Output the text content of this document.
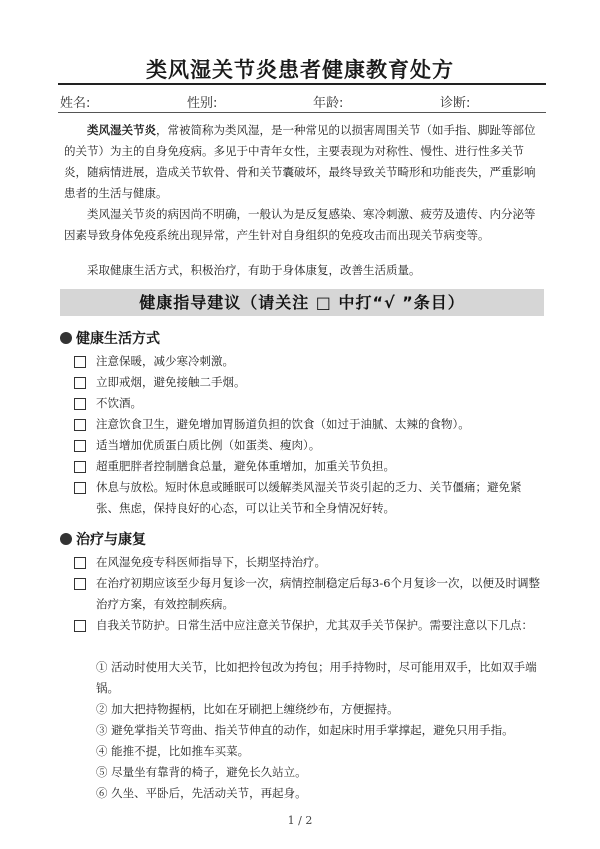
类风湿关节炎患者健康教育处方
姓名:	性别:	年龄:	诊断:

类风湿关节炎，常被简称为类风湿，是一种常见的以损害周围关节（如手指、脚趾等部位的关节）为主的自身免疫病。多见于中青年女性，主要表现为对称性、慢性、进行性多关节炎，随病情进展，造成关节软骨、骨和关节囊破坏，最终导致关节畸形和功能丧失，严重影响患者的生活与健康。

类风湿关节炎的病因尚不明确，一般认为是反复感染、寒冷刺激、疲劳及遗传、内分泌等因素导致身体免疫系统出现异常，产生针对自身组织的免疫攻击而出现关节病变等。

采取健康生活方式，积极治疗，有助于身体康复，改善生活质量。

健康指导建议（请关注 □ 中打“√ ”条目）
健康生活方式
注意保暖，减少寒冷刺激。
立即戒烟，避免接触二手烟。
不饮酒。
注意饮食卫生，避免增加胃肠道负担的饮食（如过于油腻、太辣的食物）。
适当增加优质蛋白质比例（如蛋类、瘦肉）。
超重肥胖者控制膳食总量，避免体重增加，加重关节负担。
休息与放松。短时休息或睡眠可以缓解类风湿关节炎引起的乏力、关节僵痛；避免紧张、焦虑，保持良好的心态，可以让关节和全身情况好转。
治疗与康复
在风湿免疫专科医师指导下，长期坚持治疗。
在治疗初期应该至少每月复诊一次，病情控制稳定后每3-6个月复诊一次，以便及时调整治疗方案，有效控制疾病。
自我关节防护。日常生活中应注意关节保护，尤其双手关节保护。需要注意以下几点：
① 活动时使用大关节，比如把拎包改为挎包；用手持物时，尽可能用双手，比如双手端锅。
② 加大把持物握柄，比如在牙刷把上缠绕纱布，方便握持。
③ 避免掌指关节弯曲、指关节伸直的动作，如起床时用手掌撑起，避免只用手指。
④ 能推不提，比如推车买菜。
⑤ 尽量坐有靠背的椅子，避免长久站立。
⑥ 久坐、平卧后，先活动关节，再起身。
1 / 2
